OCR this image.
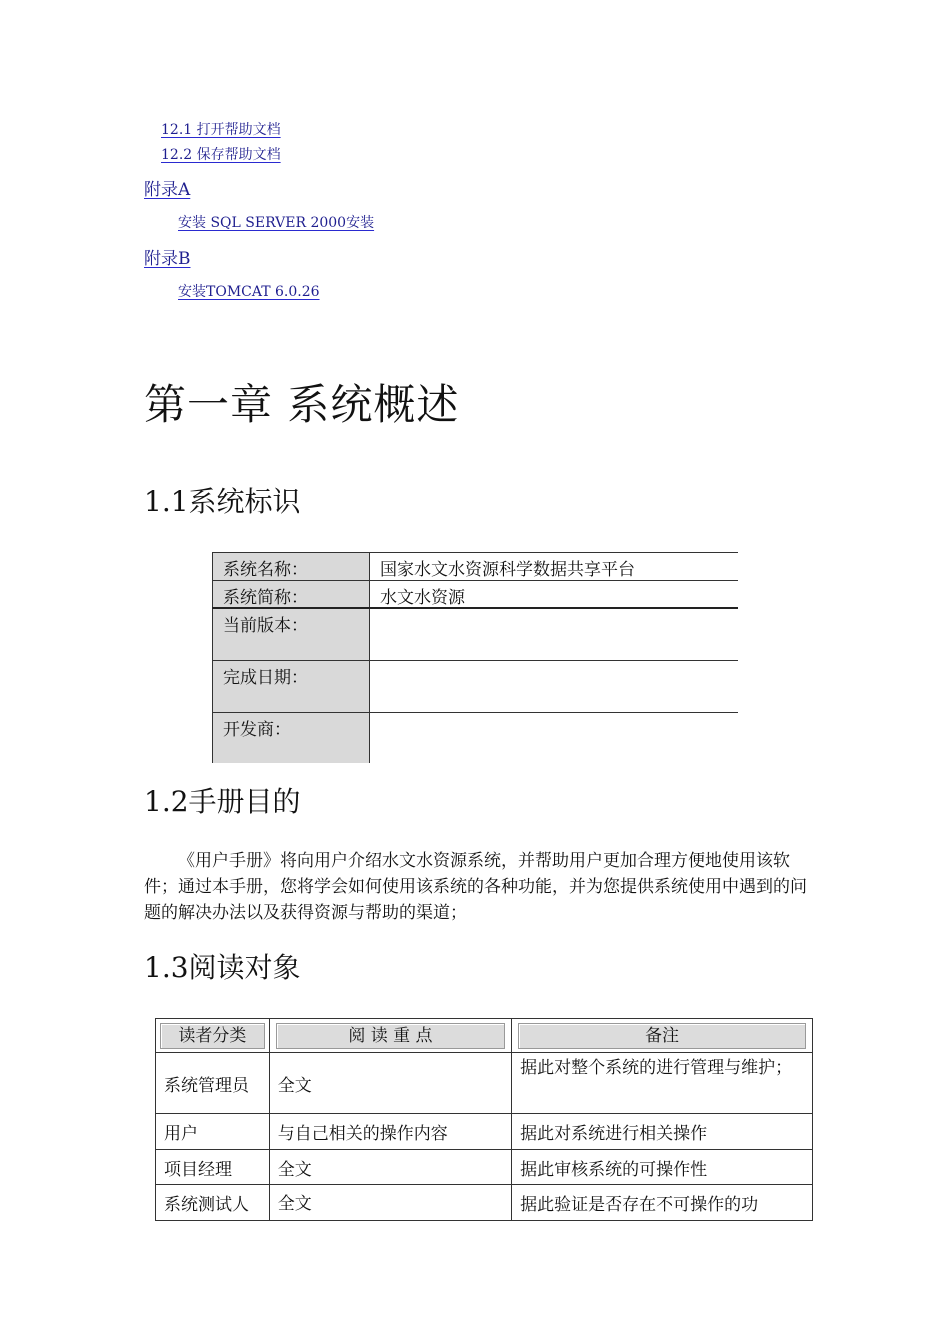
12.1 打开帮助文档
12.2 保存帮助文档
附录A
安装 SQL SERVER 2000安装
附录B
安装TOMCAT 6.0.26
第一章 系统概述
1.1系统标识
系统名称：	国家水文水资源科学数据共享平台
系统简称：	水文水资源
当前版本：
完成日期：
开发商：
1.2手册目的
《用户手册》将向用户介绍水文水资源系统，并帮助用户更加合理方便地使用该软件；通过本手册，您将学会如何使用该系统的各种功能，并为您提供系统使用中遇到的问题的解决办法以及获得资源与帮助的渠道；
1.3阅读对象
读者分类	阅 读 重 点	备注

系统管理员	全文	据此对整个系统的进行管理与维护；
用户	与自己相关的操作内容	据此对系统进行相关操作
项目经理	全文	据此审核系统的可操作性
系统测试人	全文	据此验证是否存在不可操作的功
